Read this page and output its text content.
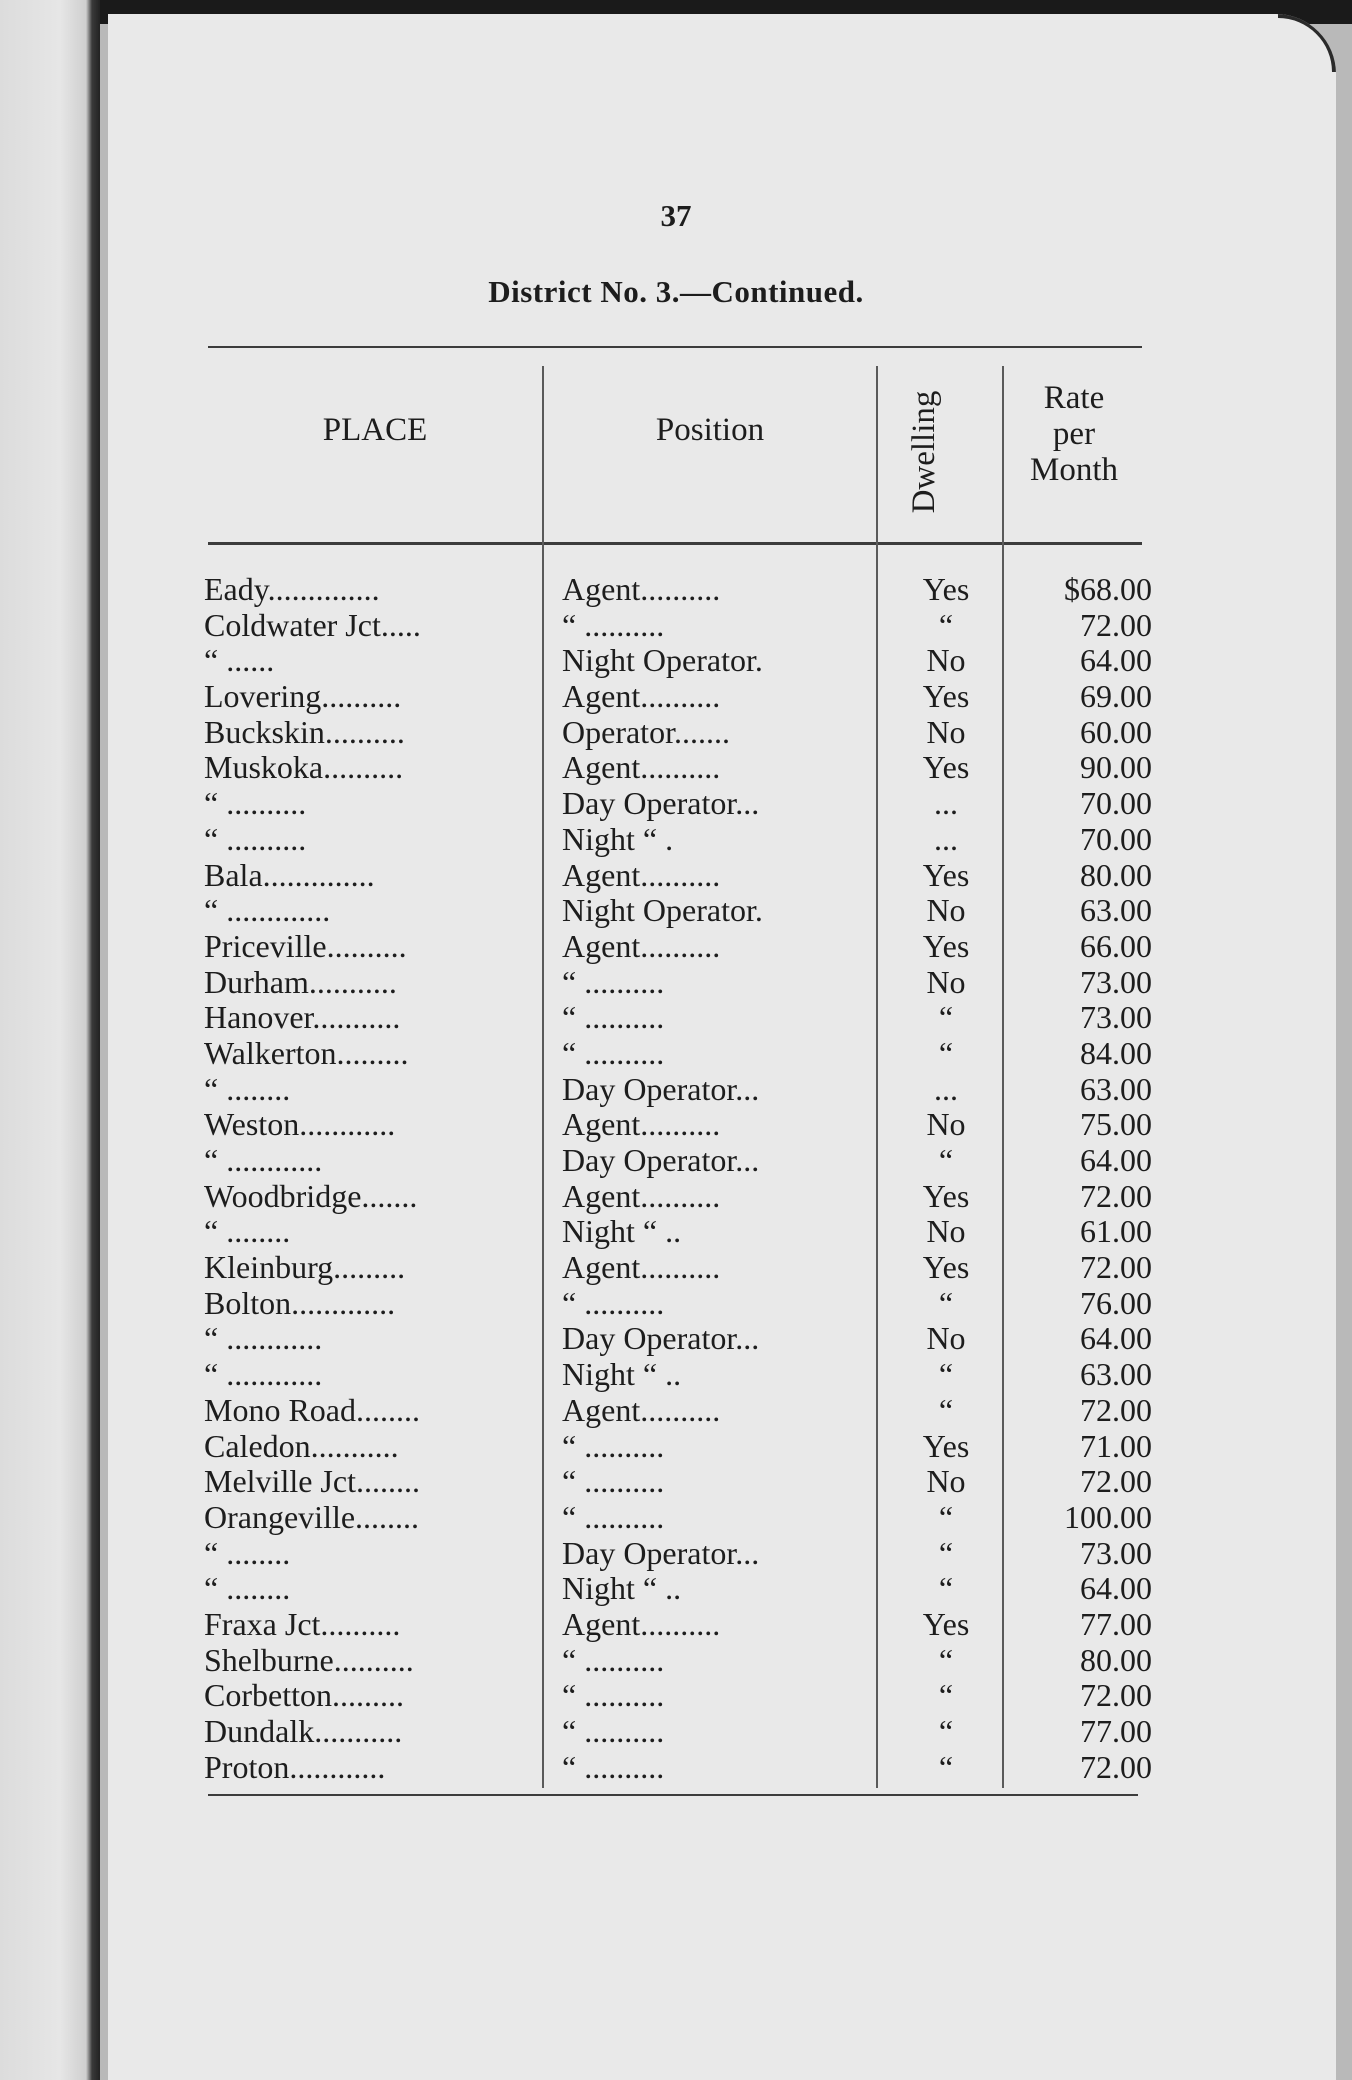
37
District No. 3.—Continued.
PLACE	Position	Dwelling	Rate
per
Month
Eady..............	Agent..........	Yes	$68.00
Coldwater Jct.....	“ ..........	“	72.00
“ ......	Night Operator.	No	64.00
Lovering..........	Agent..........	Yes	69.00
Buckskin..........	Operator.......	No	60.00
Muskoka..........	Agent..........	Yes	90.00
“ ..........	Day Operator...	...	70.00
“ ..........	Night “ .	...	70.00
Bala..............	Agent..........	Yes	80.00
“ .............	Night Operator.	No	63.00
Priceville..........	Agent..........	Yes	66.00
Durham...........	“ ..........	No	73.00
Hanover...........	“ ..........	“	73.00
Walkerton.........	“ ..........	“	84.00
“ ........	Day Operator...	...	63.00
Weston............	Agent..........	No	75.00
“ ............	Day Operator...	“	64.00
Woodbridge.......	Agent..........	Yes	72.00
“ ........	Night “ ..	No	61.00
Kleinburg.........	Agent..........	Yes	72.00
Bolton.............	“ ..........	“	76.00
“ ............	Day Operator...	No	64.00
“ ............	Night “ ..	“	63.00
Mono Road........	Agent..........	“	72.00
Caledon...........	“ ..........	Yes	71.00
Melville Jct........	“ ..........	No	72.00
Orangeville........	“ ..........	“	100.00
“ ........	Day Operator...	“	73.00
“ ........	Night “ ..	“	64.00
Fraxa Jct..........	Agent..........	Yes	77.00
Shelburne..........	“ ..........	“	80.00
Corbetton.........	“ ..........	“	72.00
Dundalk...........	“ ..........	“	77.00
Proton............	“ ..........	“	72.00
